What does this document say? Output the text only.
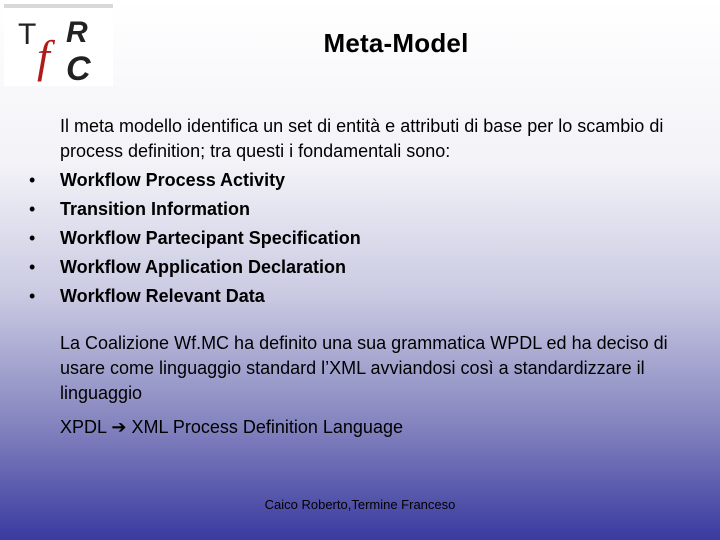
T f R
C
Meta-Model

Il meta modello identifica un set di entità e attributi di base per lo scambio di process definition; tra questi i fondamentali sono:

• Workflow Process Activity
• Transition Information
• Workflow Partecipant Specification
• Workflow Application Declaration
• Workflow Relevant Data

La Coalizione Wf.MC ha definito una sua grammatica WPDL ed ha deciso di usare come linguaggio standard l’XML avviandosi così a standardizzare il linguaggio

XPDL ➔ XML Process Definition Language

Caico Roberto,Termine Franceso
